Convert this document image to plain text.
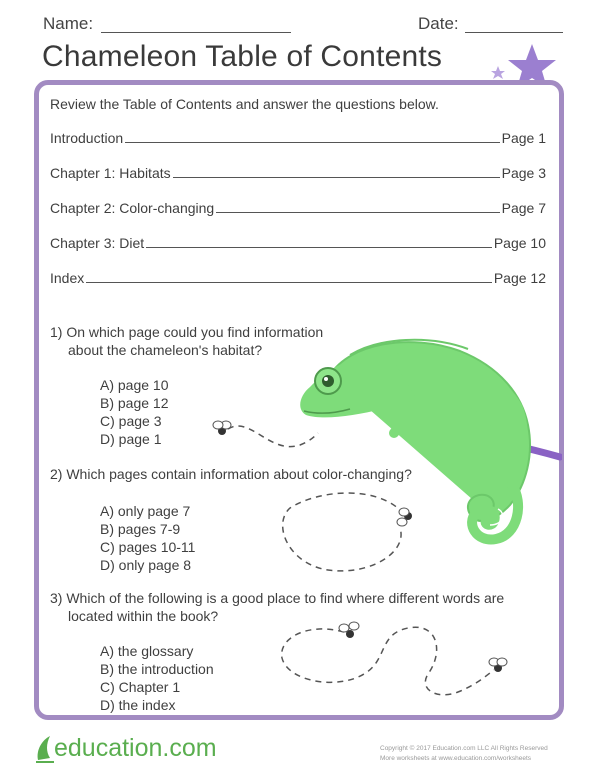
Name:	Date:
Chameleon Table of Contents
Review the Table of Contents and answer the questions below.
Introduction	Page 1
Chapter 1: Habitats	Page 3
Chapter 2: Color-changing	Page 7
Chapter 3: Diet	Page 10
Index	Page 12
1) On which page could you find information
about the chameleon's habitat?
A) page 10
B) page 12
C) page 3
D) page 1
2) Which pages contain information about color-changing?
A) only page 7
B) pages 7-9
C) pages 10-11
D) only page 8
3) Which of the following is a good place to find where different words are
located within the book?
A) the glossary
B) the introduction
C) Chapter 1
D) the index
education.com	Copyright © 2017 Education.com LLC All Rights Reserved
More worksheets at www.education.com/worksheets
